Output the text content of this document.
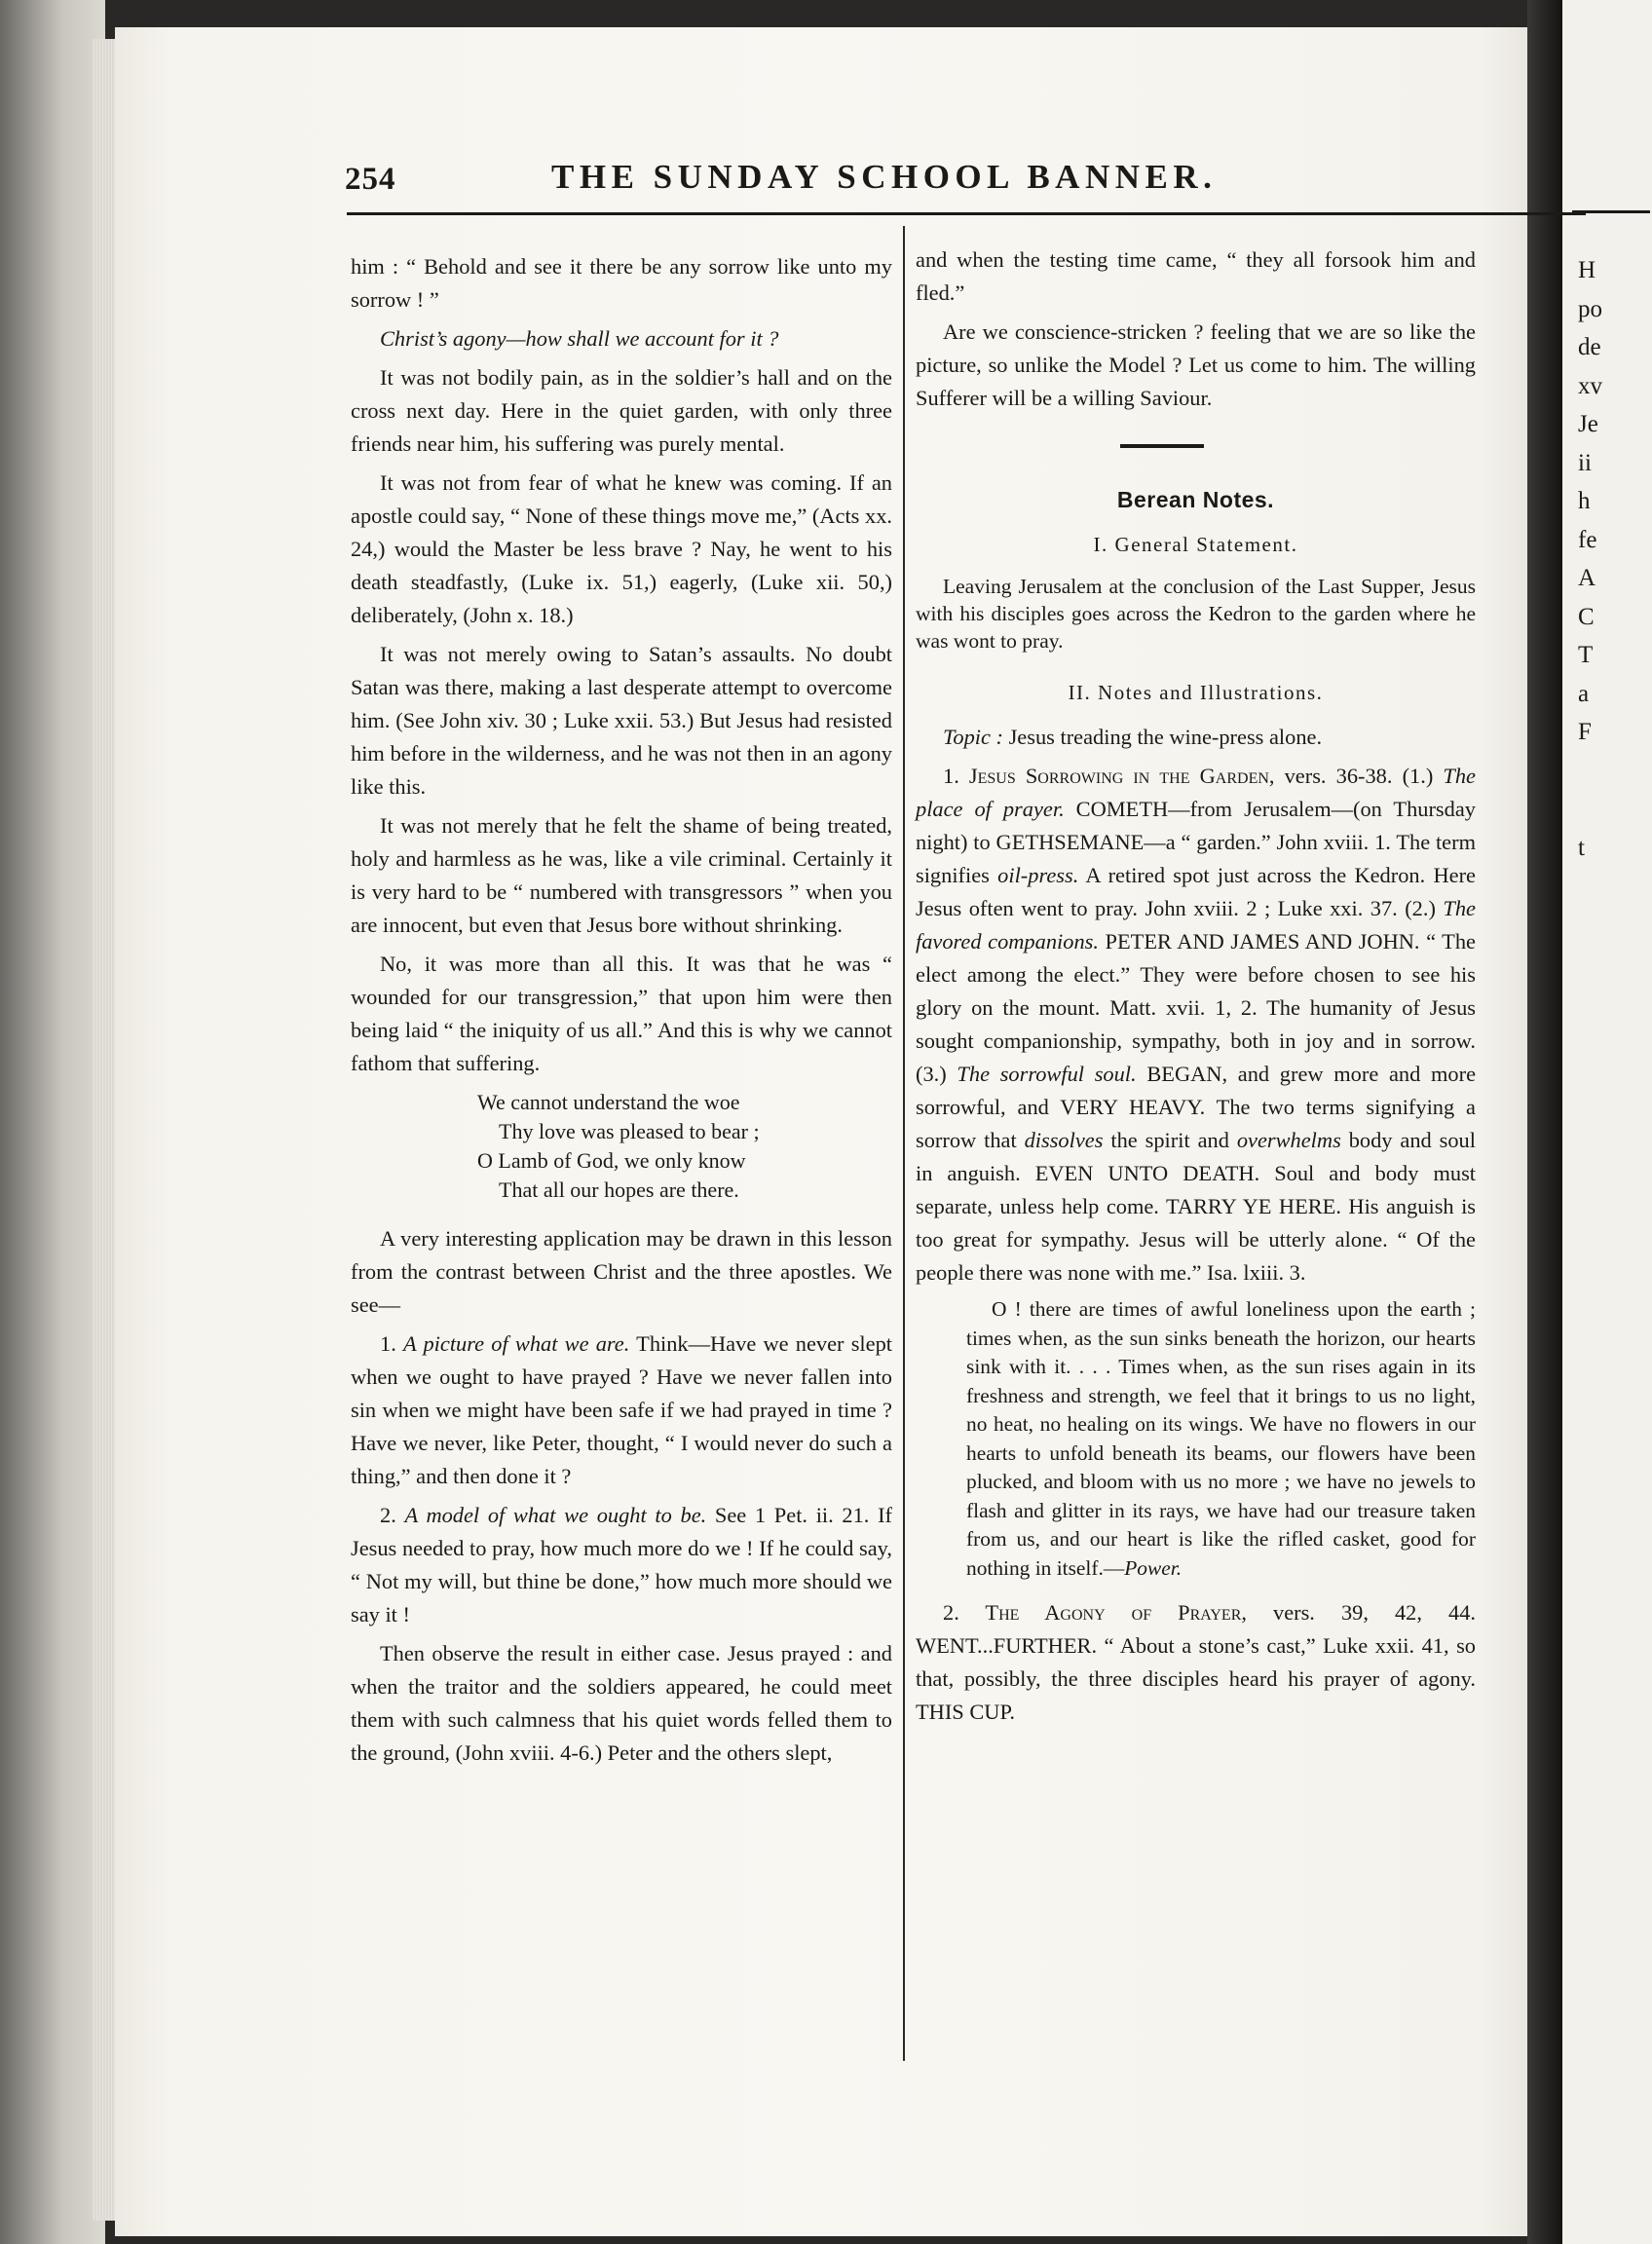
H
po
de
xv
Je
ii
h
fe
A
C
T
a
F
t
254	THE SUNDAY SCHOOL BANNER.

him : “ Behold and see it there be any sorrow like unto my sorrow ! ”

Christ’s agony—how shall we account for it ?

It was not bodily pain, as in the soldier’s hall and on the cross next day. Here in the quiet garden, with only three friends near him, his suffering was purely mental.

It was not from fear of what he knew was coming. If an apostle could say, “ None of these things move me,” (Acts xx. 24,) would the Master be less brave ? Nay, he went to his death steadfastly, (Luke ix. 51,) eagerly, (Luke xii. 50,) deliberately, (John x. 18.)

It was not merely owing to Satan’s assaults. No doubt Satan was there, making a last desperate attempt to overcome him. (See John xiv. 30 ; Luke xxii. 53.) But Jesus had resisted him before in the wilderness, and he was not then in an agony like this.

It was not merely that he felt the shame of being treated, holy and harmless as he was, like a vile criminal. Certainly it is very hard to be “ numbered with transgressors ” when you are innocent, but even that Jesus bore without shrinking.

No, it was more than all this. It was that he was “ wounded for our transgression,” that upon him were then being laid “ the iniquity of us all.” And this is why we cannot fathom that suffering.

We cannot understand the woe
Thy love was pleased to bear ;
O Lamb of God, we only know
That all our hopes are there.

A very interesting application may be drawn in this lesson from the contrast between Christ and the three apostles. We see—

1. A picture of what we are. Think—Have we never slept when we ought to have prayed ? Have we never fallen into sin when we might have been safe if we had prayed in time ? Have we never, like Peter, thought, “ I would never do such a thing,” and then done it ?

2. A model of what we ought to be. See 1 Pet. ii. 21. If Jesus needed to pray, how much more do we ! If he could say, “ Not my will, but thine be done,” how much more should we say it !

Then observe the result in either case. Jesus prayed : and when the traitor and the soldiers appeared, he could meet them with such calmness that his quiet words felled them to the ground, (John xviii. 4-6.) Peter and the others slept,

and when the testing time came, “ they all forsook him and fled.”

Are we conscience-stricken ? feeling that we are so like the picture, so unlike the Model ? Let us come to him. The willing Sufferer will be a willing Saviour.

Berean Notes.
I. General Statement.

Leaving Jerusalem at the conclusion of the Last Supper, Jesus with his disciples goes across the Kedron to the garden where he was wont to pray.

II. Notes and Illustrations.

Topic : Jesus treading the wine-press alone.

1. Jesus Sorrowing in the Garden, vers. 36-38. (1.) The place of prayer. COMETH—from Jerusalem—(on Thursday night) to GETHSEMANE—a “ garden.” John xviii. 1. The term signifies oil-press. A retired spot just across the Kedron. Here Jesus often went to pray. John xviii. 2 ; Luke xxi. 37. (2.) The favored companions. PETER AND JAMES AND JOHN. “ The elect among the elect.” They were before chosen to see his glory on the mount. Matt. xvii. 1, 2. The humanity of Jesus sought companionship, sympathy, both in joy and in sorrow. (3.) The sorrowful soul. BEGAN, and grew more and more sorrowful, and VERY HEAVY. The two terms signifying a sorrow that dissolves the spirit and overwhelms body and soul in anguish. EVEN UNTO DEATH. Soul and body must separate, unless help come. TARRY YE HERE. His anguish is too great for sympathy. Jesus will be utterly alone. “ Of the people there was none with me.” Isa. lxiii. 3.

O ! there are times of awful loneliness upon the earth ; times when, as the sun sinks beneath the horizon, our hearts sink with it. . . . Times when, as the sun rises again in its freshness and strength, we feel that it brings to us no light, no heat, no healing on its wings. We have no flowers in our hearts to unfold beneath its beams, our flowers have been plucked, and bloom with us no more ; we have no jewels to flash and glitter in its rays, we have had our treasure taken from us, and our heart is like the rifled casket, good for nothing in itself.—Power.

2. The Agony of Prayer, vers. 39, 42, 44. WENT...FURTHER. “ About a stone’s cast,” Luke xxii. 41, so that, possibly, the three disciples heard his prayer of agony. THIS CUP.
